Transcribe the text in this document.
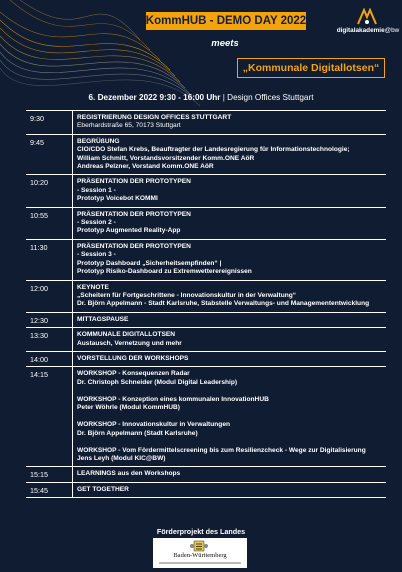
KommHUB - DEMO DAY 2022
meets
„Kommunale Digitallotsen“
digitalakademie@bw
6. Dezember 2022 9:30 - 16:00 Uhr | Design Offices Stuttgart
9:30	REGISTRIERUNG DESIGN OFFICES STUTTGART
Eberhardstraße 65, 70173 Stuttgart
9:45	BEGRÜßUNG
CIO/CDO Stefan Krebs, Beauftragter der Landesregierung für Informationstechnologie;
William Schmitt, Vorstandsvorsitzender Komm.ONE AöR
Andreas Pelzner, Vorstand Komm.ONE AöR
10:20	PRÄSENTATION DER PROTOTYPEN
- Session 1 -
Prototyp Voicebot KOMMI
10:55	PRÄSENTATION DER PROTOTYPEN
- Session 2 -
Prototyp Augmented Reality-App
11:30	PRÄSENTATION DER PROTOTYPEN
- Session 3 -
Prototyp Dashboard „Sicherheitsempfinden“ |
Prototyp Risiko-Dashboard zu Extremwetterereignissen
12:00	KEYNOTE
„Scheitern für Fortgeschrittene - Innovationskultur in der Verwaltung“
Dr. Björn Appelmann - Stadt Karlsruhe, Stabstelle Verwaltungs- und Managemententwicklung
12:30	MITTAGSPAUSE
13:30	KOMMUNALE DIGITALLOTSEN
Austausch, Vernetzung und mehr
14:00	VORSTELLUNG DER WORKSHOPS
14:15	WORKSHOP - Konsequenzen Radar
Dr. Christoph Schneider (Modul Digital Leadership)
WORKSHOP - Konzeption eines kommunalen InnovationHUB
Peter Wöhrle (Modul KommHUB)
WORKSHOP - Innovationskultur in Verwaltungen
Dr. Björn Appelmann (Stadt Karlsruhe)
WORKSHOP - Vom Fördermittelscreening bis zum Resilienzcheck - Wege zur Digitalisierung
Jens Leyh (Modul KIC@BW)
15:15	LEARNINGS aus den Workshops
15:45	GET TOGETHER
Förderprojekt des Landes
Baden-Württemberg
